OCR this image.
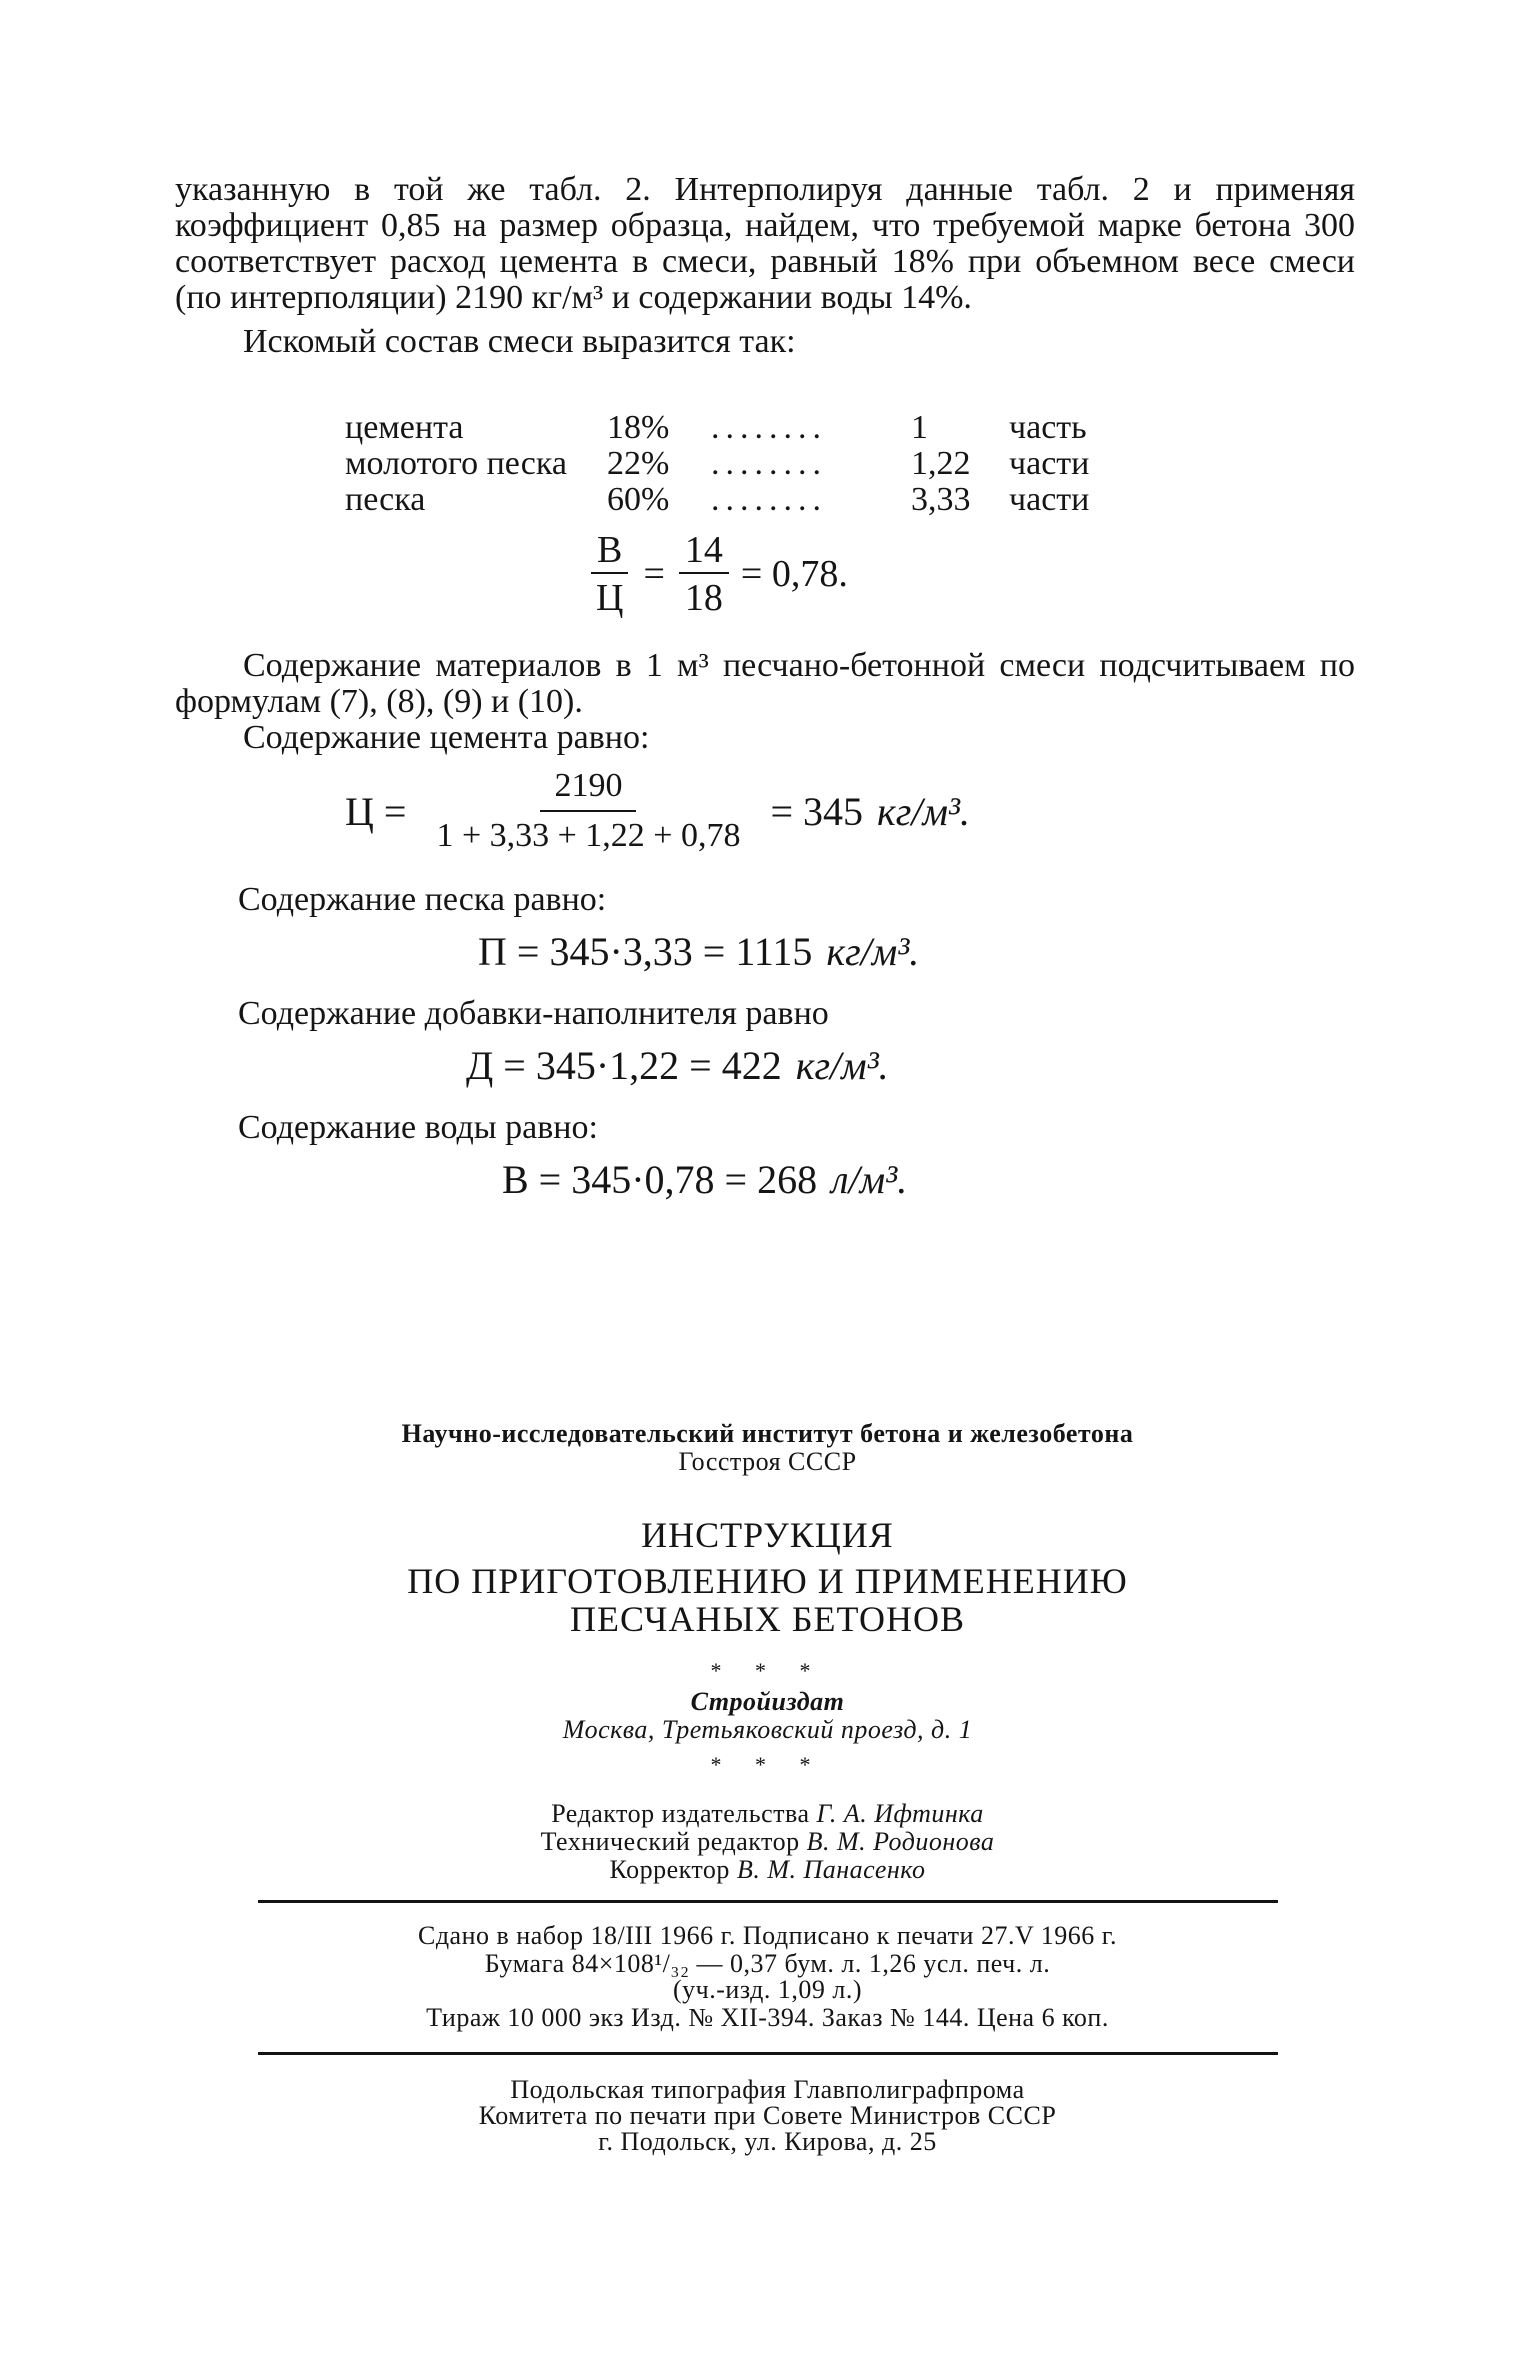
указанную в той же табл. 2. Интерполируя данные табл. 2 и применяя коэффициент 0,85 на размер образца, найдем, что требуемой марке бетона 300 соответствует расход цемента в смеси, равный 18% при объемном весе смеси (по интерполяции) 2190 кг/м³ и содержании воды 14%.

Искомый состав смеси выразится так:

цемента	18%	........	1	часть
молотого песка	22%	........	1,22	части
песка	60%	........	3,33	части
$\frac{В}{Ц} = \frac{14}{18} = 0,78$.

Содержание материалов в 1 м³ песчано-бетонной смеси подсчитываем по формулам (7), (8), (9) и (10).

Содержание цемента равно:

$Ц = \frac{2190}{1 + 3,33 + 1,22 + 0,78} = 345$ кг/м³.
Содержание песка равно:
П = 345·3,33 = 1115 кг/м³.
Содержание добавки-наполнителя равно
Д = 345·1,22 = 422 кг/м³.
Содержание воды равно:
В = 345·0,78 = 268 л/м³.
Научно-исследовательский институт бетона и железобетона
Госстроя СССР
ИНСТРУКЦИЯ
ПО ПРИГОТОВЛЕНИЮ И ПРИМЕНЕНИЮ
ПЕСЧАНЫХ БЕТОНОВ
* * *
Стройиздат
Москва, Третьяковский проезд, д. 1
* * *
Редактор издательства Г. А. Ифтинка
Технический редактор В. М. Родионова
Корректор В. М. Панасенко
Сдано в набор 18/III 1966 г. Подписано к печати 27.V 1966 г.
Бумага 84×108¹/₃₂ — 0,37 бум. л. 1,26 усл. печ. л.
(уч.-изд. 1,09 л.)
Тираж 10 000 экз Изд. № XII-394. Заказ № 144. Цена 6 коп.
Подольская типография Главполиграфпрома
Комитета по печати при Совете Министров СССР
г. Подольск, ул. Кирова, д. 25
